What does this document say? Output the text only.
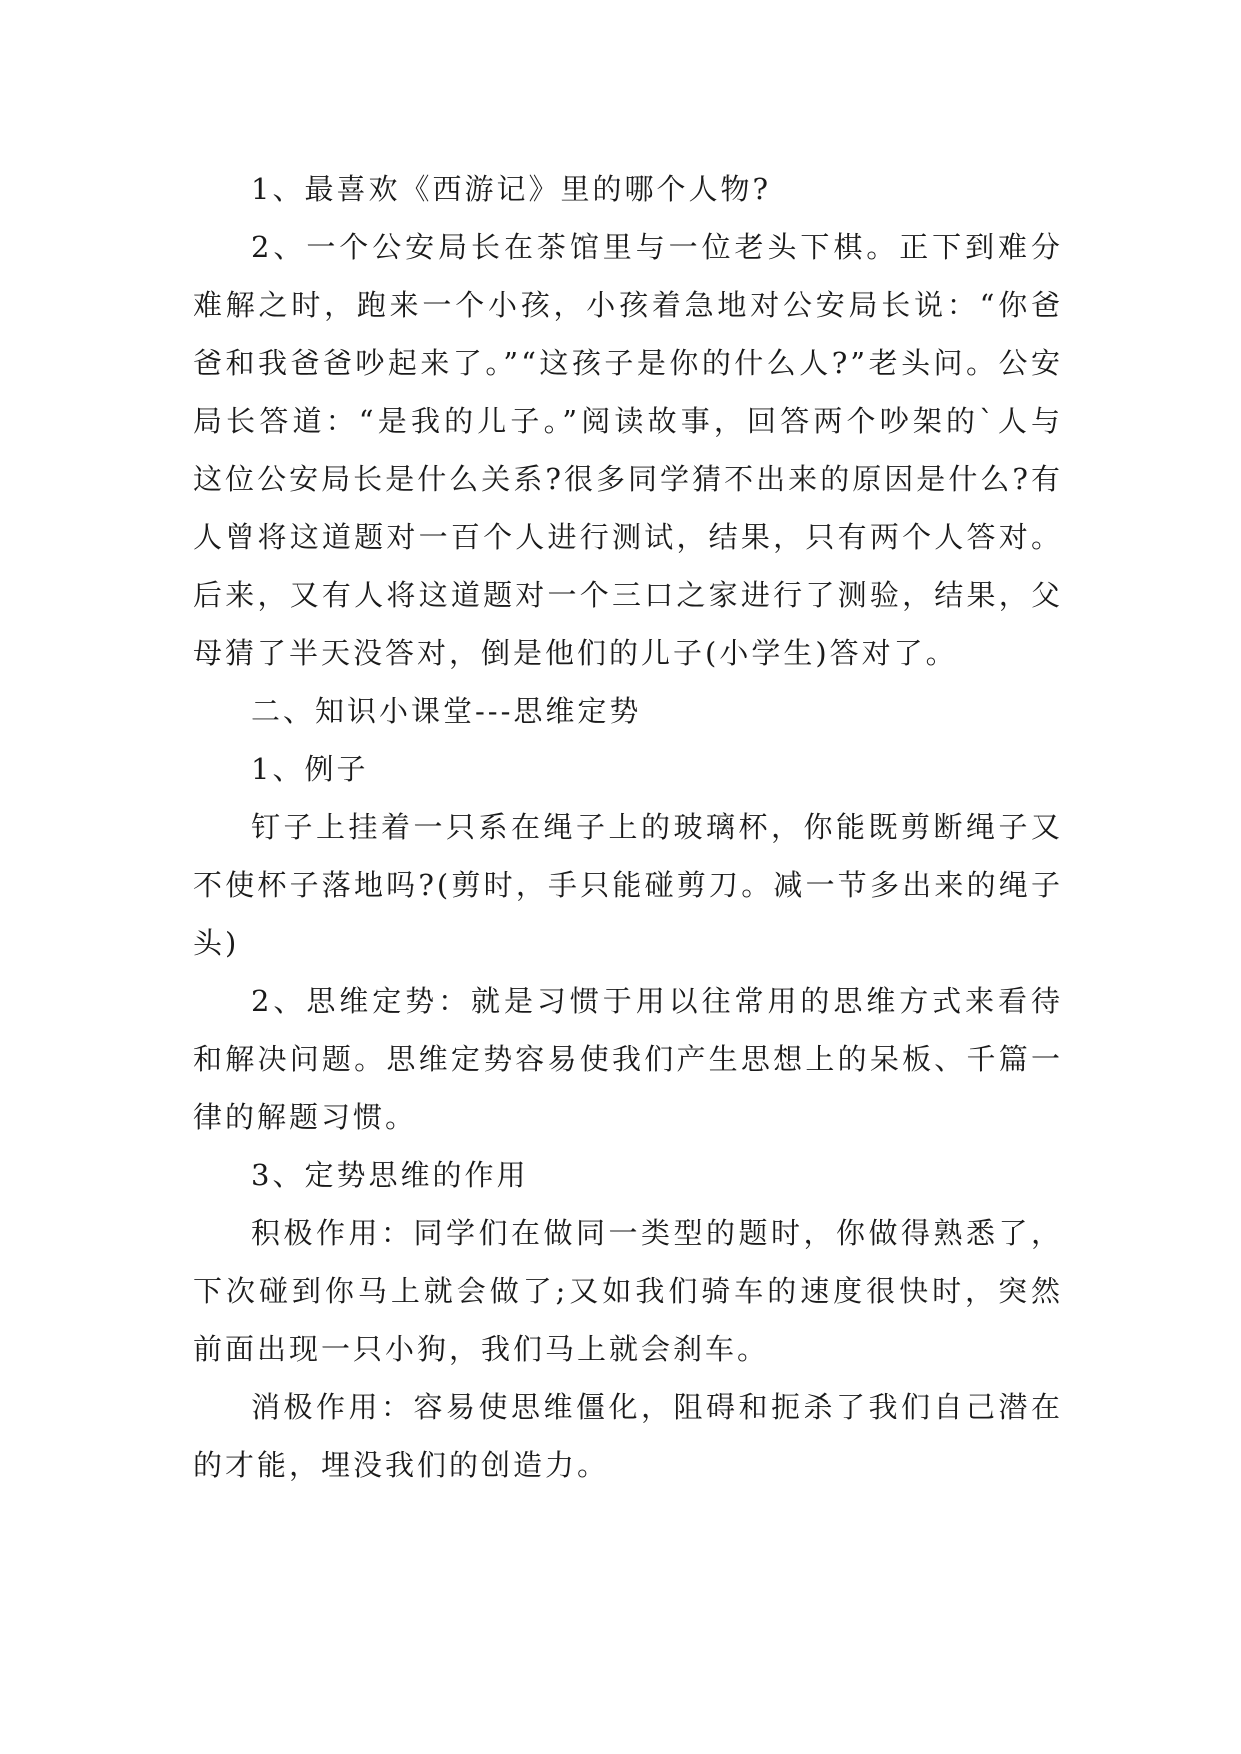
1、最喜欢《西游记》里的哪个人物?

2、一个公安局长在茶馆里与一位老头下棋。正下到难分难解之时，跑来一个小孩，小孩着急地对公安局长说：“你爸爸和我爸爸吵起来了。”“这孩子是你的什么人?”老头问。公安局长答道：“是我的儿子。”阅读故事，回答两个吵架的`人与这位公安局长是什么关系?很多同学猜不出来的原因是什么?有人曾将这道题对一百个人进行测试，结果，只有两个人答对。后来，又有人将这道题对一个三口之家进行了测验，结果，父母猜了半天没答对，倒是他们的儿子(小学生)答对了。

二、知识小课堂---思维定势

1、例子

钉子上挂着一只系在绳子上的玻璃杯，你能既剪断绳子又不使杯子落地吗?(剪时，手只能碰剪刀。减一节多出来的绳子头)

2、思维定势：就是习惯于用以往常用的思维方式来看待和解决问题。思维定势容易使我们产生思想上的呆板、千篇一律的解题习惯。

3、定势思维的作用

积极作用：同学们在做同一类型的题时，你做得熟悉了，下次碰到你马上就会做了;又如我们骑车的速度很快时，突然前面出现一只小狗，我们马上就会刹车。

消极作用：容易使思维僵化，阻碍和扼杀了我们自己潜在的才能，埋没我们的创造力。
